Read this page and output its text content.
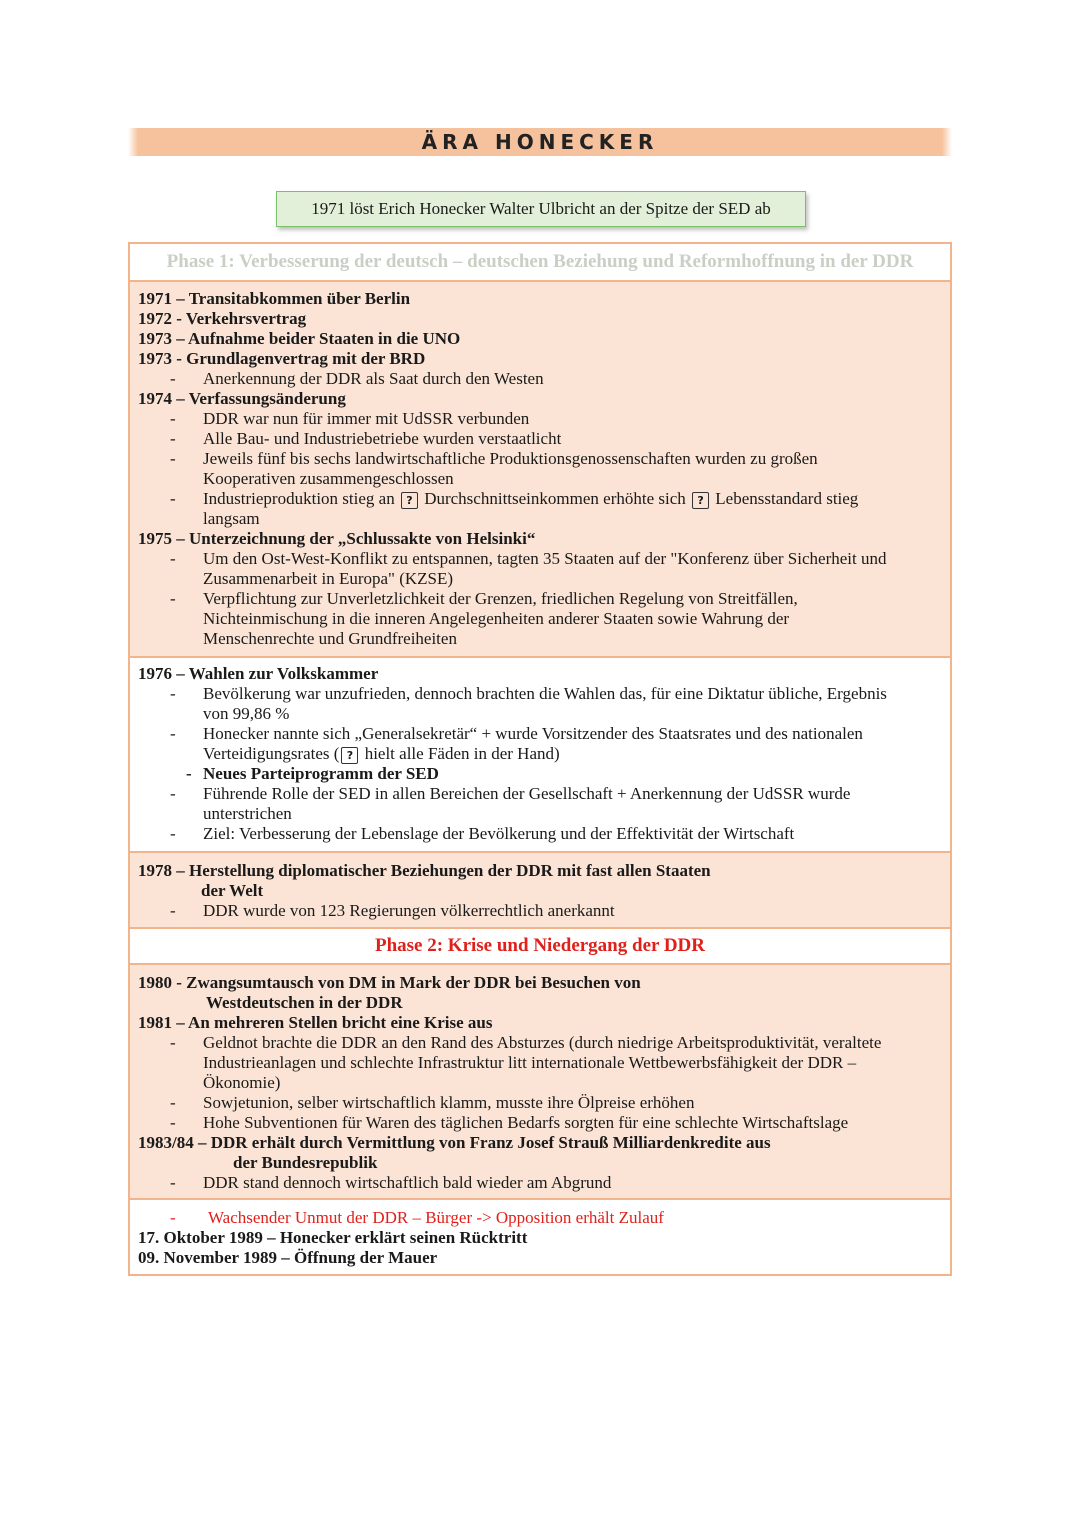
ÄRA HONECKER
1971 löst Erich Honecker Walter Ulbricht an der Spitze der SED ab
Phase 1: Verbesserung der deutsch – deutschen Beziehung und Reformhoffnung in der DDR
1971 – Transitabkommen über Berlin
1972 - Verkehrsvertrag
1973 – Aufnahme beider Staaten in die UNO
1973 - Grundlagenvertrag mit der BRD
- Anerkennung der DDR als Saat durch den Westen
1974 – Verfassungsänderung
- DDR war nun für immer mit UdSSR verbunden
- Alle Bau- und Industriebetriebe wurden verstaatlicht
- Jeweils fünf bis sechs landwirtschaftliche Produktionsgenossenschaften wurden zu großen
Kooperativen zusammengeschlossen
- Industrieproduktion stieg an ? Durchschnittseinkommen erhöhte sich ? Lebensstandard stieg
langsam
1975 – Unterzeichnung der „Schlussakte von Helsinki“
- Um den Ost-West-Konflikt zu entspannen, tagten 35 Staaten auf der "Konferenz über Sicherheit und
Zusammenarbeit in Europa" (KZSE)
- Verpflichtung zur Unverletzlichkeit der Grenzen, friedlichen Regelung von Streitfällen,
Nichteinmischung in die inneren Angelegenheiten anderer Staaten sowie Wahrung der
Menschenrechte und Grundfreiheiten
1976 – Wahlen zur Volkskammer
- Bevölkerung war unzufrieden, dennoch brachten die Wahlen das, für eine Diktatur übliche, Ergebnis
von 99,86 %
- Honecker nannte sich „Generalsekretär“ + wurde Vorsitzender des Staatsrates und des nationalen
Verteidigungsrates ( ? hielt alle Fäden in der Hand)
- Neues Parteiprogramm der SED
- Führende Rolle der SED in allen Bereichen der Gesellschaft + Anerkennung der UdSSR wurde
unterstrichen
- Ziel: Verbesserung der Lebenslage der Bevölkerung und der Effektivität der Wirtschaft
1978 – Herstellung diplomatischer Beziehungen der DDR mit fast allen Staaten
der Welt
- DDR wurde von 123 Regierungen völkerrechtlich anerkannt
Phase 2: Krise und Niedergang der DDR
1980 - Zwangsumtausch von DM in Mark der DDR bei Besuchen von
Westdeutschen in der DDR
1981 – An mehreren Stellen bricht eine Krise aus
- Geldnot brachte die DDR an den Rand des Absturzes (durch niedrige Arbeitsproduktivität, veraltete
Industrieanlagen und schlechte Infrastruktur litt internationale Wettbewerbsfähigkeit der DDR –
Ökonomie)
- Sowjetunion, selber wirtschaftlich klamm, musste ihre Ölpreise erhöhen
- Hohe Subventionen für Waren des täglichen Bedarfs sorgten für eine schlechte Wirtschaftslage
1983/84 – DDR erhält durch Vermittlung von Franz Josef Strauß Milliardenkredite aus
der Bundesrepublik
- DDR stand dennoch wirtschaftlich bald wieder am Abgrund
- Wachsender Unmut der DDR – Bürger -> Opposition erhält Zulauf
17. Oktober 1989 – Honecker erklärt seinen Rücktritt
09. November 1989 – Öffnung der Mauer
